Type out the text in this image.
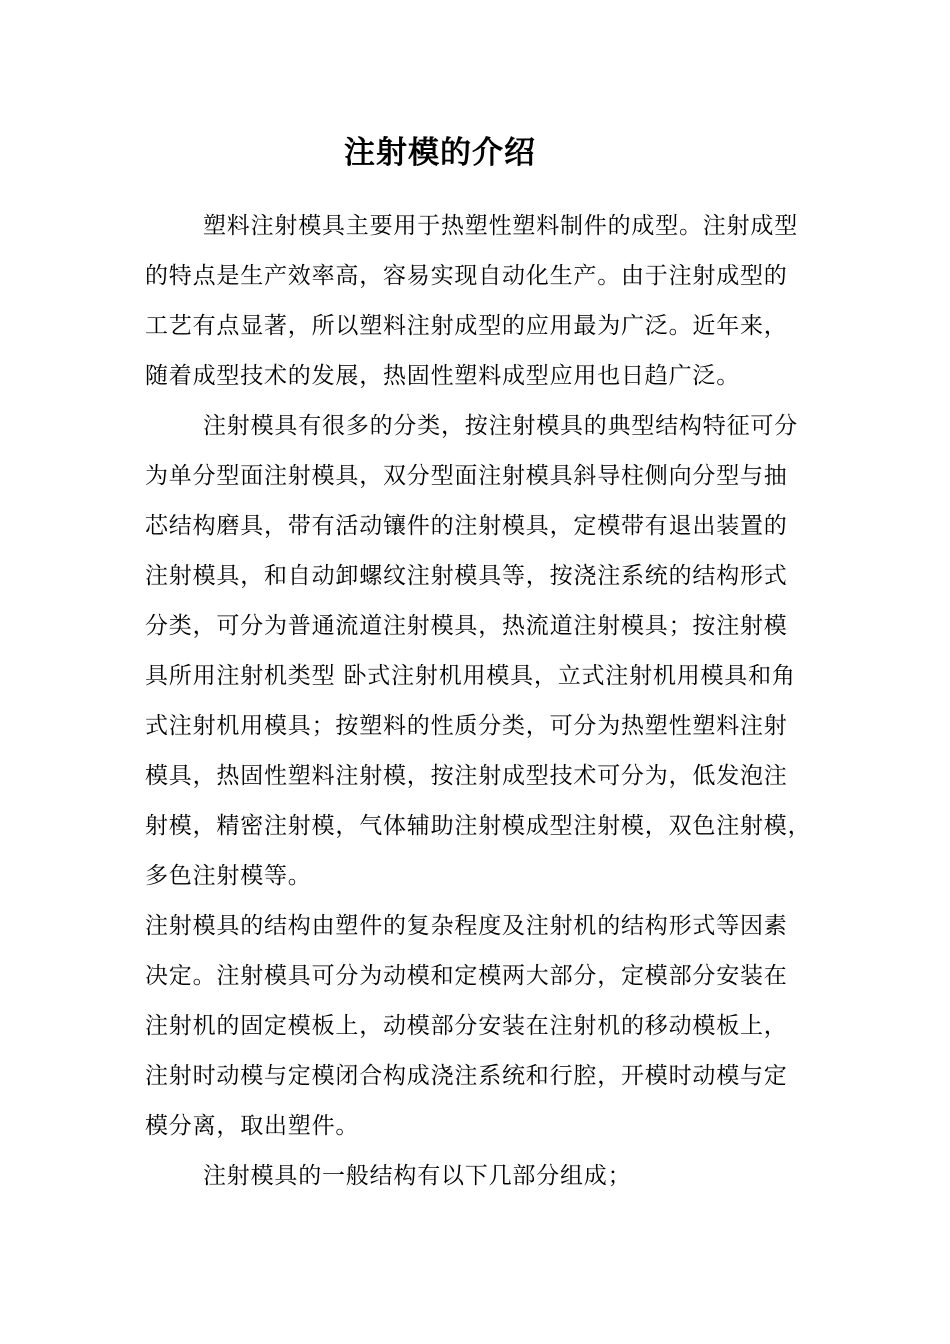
注射模的介绍
塑料注射模具主要用于热塑性塑料制件的成型。注射成型
的特点是生产效率高，容易实现自动化生产。由于注射成型的
工艺有点显著，所以塑料注射成型的应用最为广泛。近年来，
随着成型技术的发展，热固性塑料成型应用也日趋广泛。
注射模具有很多的分类，按注射模具的典型结构特征可分
为单分型面注射模具，双分型面注射模具斜导柱侧向分型与抽
芯结构磨具，带有活动镶件的注射模具，定模带有退出装置的
注射模具，和自动卸螺纹注射模具等，按浇注系统的结构形式
分类，可分为普通流道注射模具，热流道注射模具；按注射模
具所用注射机类型 卧式注射机用模具，立式注射机用模具和角
式注射机用模具；按塑料的性质分类，可分为热塑性塑料注射
模具，热固性塑料注射模，按注射成型技术可分为，低发泡注
射模，精密注射模，气体辅助注射模成型注射模，双色注射模，
多色注射模等。
注射模具的结构由塑件的复杂程度及注射机的结构形式等因素
决定。注射模具可分为动模和定模两大部分，定模部分安装在
注射机的固定模板上，动模部分安装在注射机的移动模板上，
注射时动模与定模闭合构成浇注系统和行腔，开模时动模与定
模分离，取出塑件。
注射模具的一般结构有以下几部分组成；
